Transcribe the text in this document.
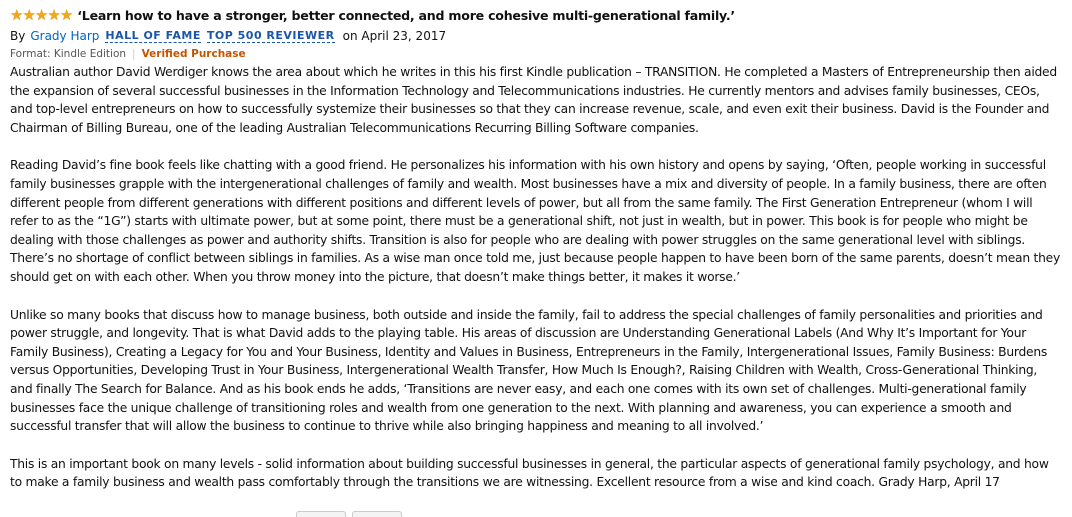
★ ★ ★ ★ ★ ‘Learn how to have a stronger, better connected, and more cohesive multi-generational family.’
By Grady Harp HALL OF FAME TOP 500 REVIEWER on April 23, 2017
Format: Kindle Edition | Verified Purchase

Australian author David Werdiger knows the area about which he writes in this his first Kindle publication – TRANSITION. He completed a Masters of Entrepreneurship then aided the expansion of several successful businesses in the Information Technology and Telecommunications industries. He currently mentors and advises family businesses, CEOs, and top-level entrepreneurs on how to successfully systemize their businesses so that they can increase revenue, scale, and even exit their business. David is the Founder and Chairman of Billing Bureau, one of the leading Australian Telecommunications Recurring Billing Software companies.

Reading David’s fine book feels like chatting with a good friend. He personalizes his information with his own history and opens by saying, ‘Often, people working in successful family businesses grapple with the intergenerational challenges of family and wealth. Most businesses have a mix and diversity of people. In a family business, there are often different people from different generations with different positions and different levels of power, but all from the same family. The First Generation Entrepreneur (whom I will refer to as the “1G”) starts with ultimate power, but at some point, there must be a generational shift, not just in wealth, but in power. This book is for people who might be dealing with those challenges as power and authority shifts. Transition is also for people who are dealing with power struggles on the same generational level with siblings. There’s no shortage of conflict between siblings in families. As a wise man once told me, just because people happen to have been born of the same parents, doesn’t mean they should get on with each other. When you throw money into the picture, that doesn’t make things better, it makes it worse.’

Unlike so many books that discuss how to manage business, both outside and inside the family, fail to address the special challenges of family personalities and priorities and power struggle, and longevity. That is what David adds to the playing table. His areas of discussion are Understanding Generational Labels (And Why It’s Important for Your Family Business), Creating a Legacy for You and Your Business, Identity and Values in Business, Entrepreneurs in the Family, Intergenerational Issues, Family Business: Burdens versus Opportunities, Developing Trust in Your Business, Intergenerational Wealth Transfer, How Much Is Enough?, Raising Children with Wealth, Cross-Generational Thinking, and finally The Search for Balance. And as his book ends he adds, ‘Transitions are never easy, and each one comes with its own set of challenges. Multi-generational family businesses face the unique challenge of transitioning roles and wealth from one generation to the next. With planning and awareness, you can experience a smooth and successful transfer that will allow the business to continue to thrive while also bringing happiness and meaning to all involved.’

This is an important book on many levels - solid information about building successful businesses in general, the particular aspects of generational family psychology, and how to make a family business and wealth pass comfortably through the transitions we are witnessing. Excellent resource from a wise and kind coach. Grady Harp, April 17
